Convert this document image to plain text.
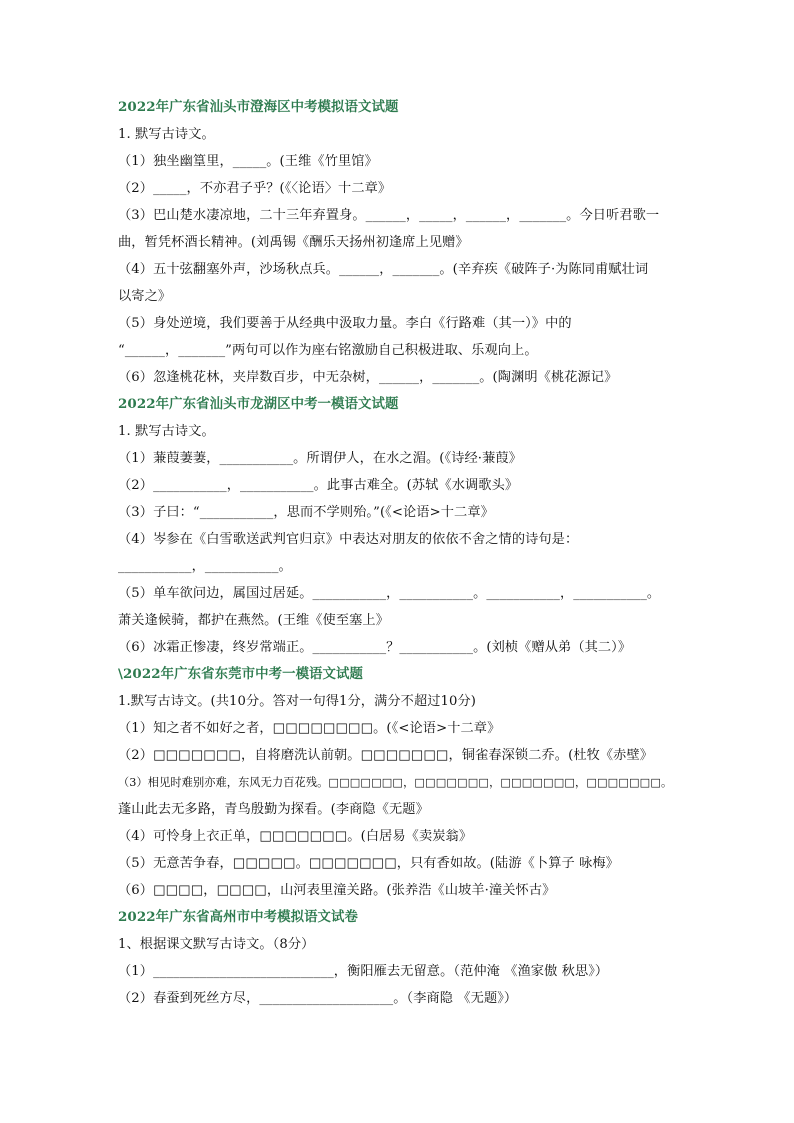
2022年广东省汕头市澄海区中考模拟语文试题
1. 默写古诗文。
（1）独坐幽篁里，_____。(王维《竹里馆》
（2）_____，不亦君子乎？(《〈论语〉十二章》
（3）巴山楚水凄凉地，二十三年弃置身。______，_____，______，_______。今日听君歌一
曲，暂凭杯酒长精神。(刘禹锡《酬乐天扬州初逢席上见赠》
（4）五十弦翻塞外声，沙场秋点兵。______，_______。(辛弃疾《破阵子·为陈同甫赋壮词
以寄之》
（5）身处逆境，我们要善于从经典中汲取力量。李白《行路难（其一）》中的
“______，_______”两句可以作为座右铭激励自己积极进取、乐观向上。
（6）忽逢桃花林，夹岸数百步，中无杂树，______，_______。(陶渊明《桃花源记》
2022年广东省汕头市龙湖区中考一模语文试题
1. 默写古诗文。
（1）蒹葭萋萋，___________。所谓伊人，在水之湄。(《诗经·蒹葭》
（2）___________，___________。此事古难全。(苏轼《水调歌头》
（3）子曰：“___________，思而不学则殆。”(《<论语>十二章》
（4）岑参在《白雪歌送武判官归京》中表达对朋友的依依不舍之情的诗句是：
___________，___________。
（5）单车欲问边，属国过居延。___________，___________。___________，___________。
萧关逢候骑，都护在燕然。(王维《使至塞上》
（6）冰霜正惨凄，终岁常端正。___________？___________。(刘桢《赠从弟（其二）》
\2022年广东省东莞市中考一模语文试题
1.默写古诗文。(共10分。答对一句得1分，满分不超过10分)
（1）知之者不如好之者，□□□□□□□□。(《<论语>十二章》
（2）□□□□□□□，自将磨洗认前朝。□□□□□□□，铜雀春深锁二乔。(杜牧《赤壁》
（3）相见时难别亦难，东风无力百花残。□□□□□□□，□□□□□□□，□□□□□□□，□□□□□□□。
蓬山此去无多路，青鸟殷勤为探看。(李商隐《无题》
（4）可怜身上衣正单，□□□□□□□。(白居易《卖炭翁》
（5）无意苦争春，□□□□□。□□□□□□□，只有香如故。(陆游《卜算子 咏梅》
（6）□□□□，□□□□，山河表里潼关路。(张养浩《山坡羊·潼关怀古》
2022年广东省高州市中考模拟语文试卷
1、根据课文默写古诗文。（8分）
（1）___________________________，衡阳雁去无留意。（范仲淹 《渔家傲 秋思》）
（2）春蚕到死丝方尽，____________________。（李商隐 《无题》）
